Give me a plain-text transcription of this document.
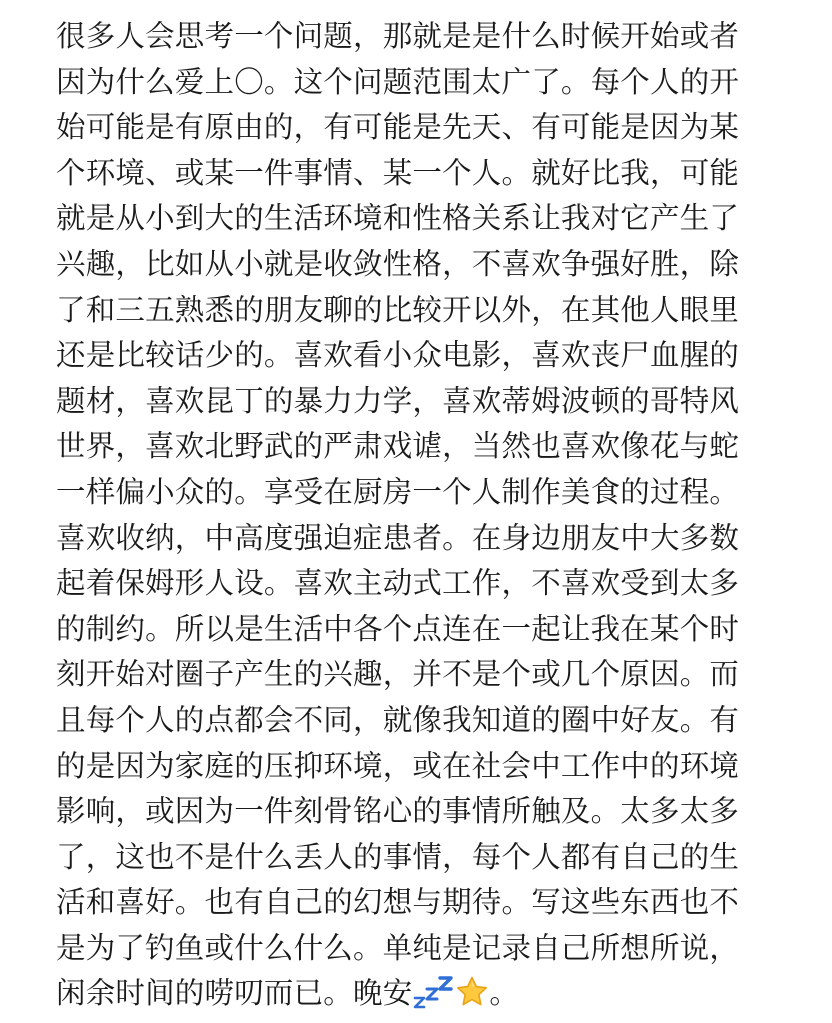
很多人会思考一个问题，那就是是什么时候开始或者
因为什么爱上〇。这个问题范围太广了。每个人的开
始可能是有原由的，有可能是先天、有可能是因为某
个环境、或某一件事情、某一个人。就好比我，可能
就是从小到大的生活环境和性格关系让我对它产生了
兴趣，比如从小就是收敛性格，不喜欢争强好胜，除
了和三五熟悉的朋友聊的比较开以外，在其他人眼里
还是比较话少的。喜欢看小众电影，喜欢丧尸血腥的
题材，喜欢昆丁的暴力力学，喜欢蒂姆波顿的哥特风
世界，喜欢北野武的严肃戏谑，当然也喜欢像花与蛇
一样偏小众的。享受在厨房一个人制作美食的过程。
喜欢收纳，中高度强迫症患者。在身边朋友中大多数
起着保姆形人设。喜欢主动式工作，不喜欢受到太多
的制约。所以是生活中各个点连在一起让我在某个时
刻开始对圈子产生的兴趣，并不是个或几个原因。而
且每个人的点都会不同，就像我知道的圈中好友。有
的是因为家庭的压抑环境，或在社会中工作中的环境
影响，或因为一件刻骨铭心的事情所触及。太多太多
了，这也不是什么丢人的事情，每个人都有自己的生
活和喜好。也有自己的幻想与期待。写这些东西也不
是为了钓鱼或什么什么。单纯是记录自己所想所说，
闲余时间的唠叨而已。晚安	。
